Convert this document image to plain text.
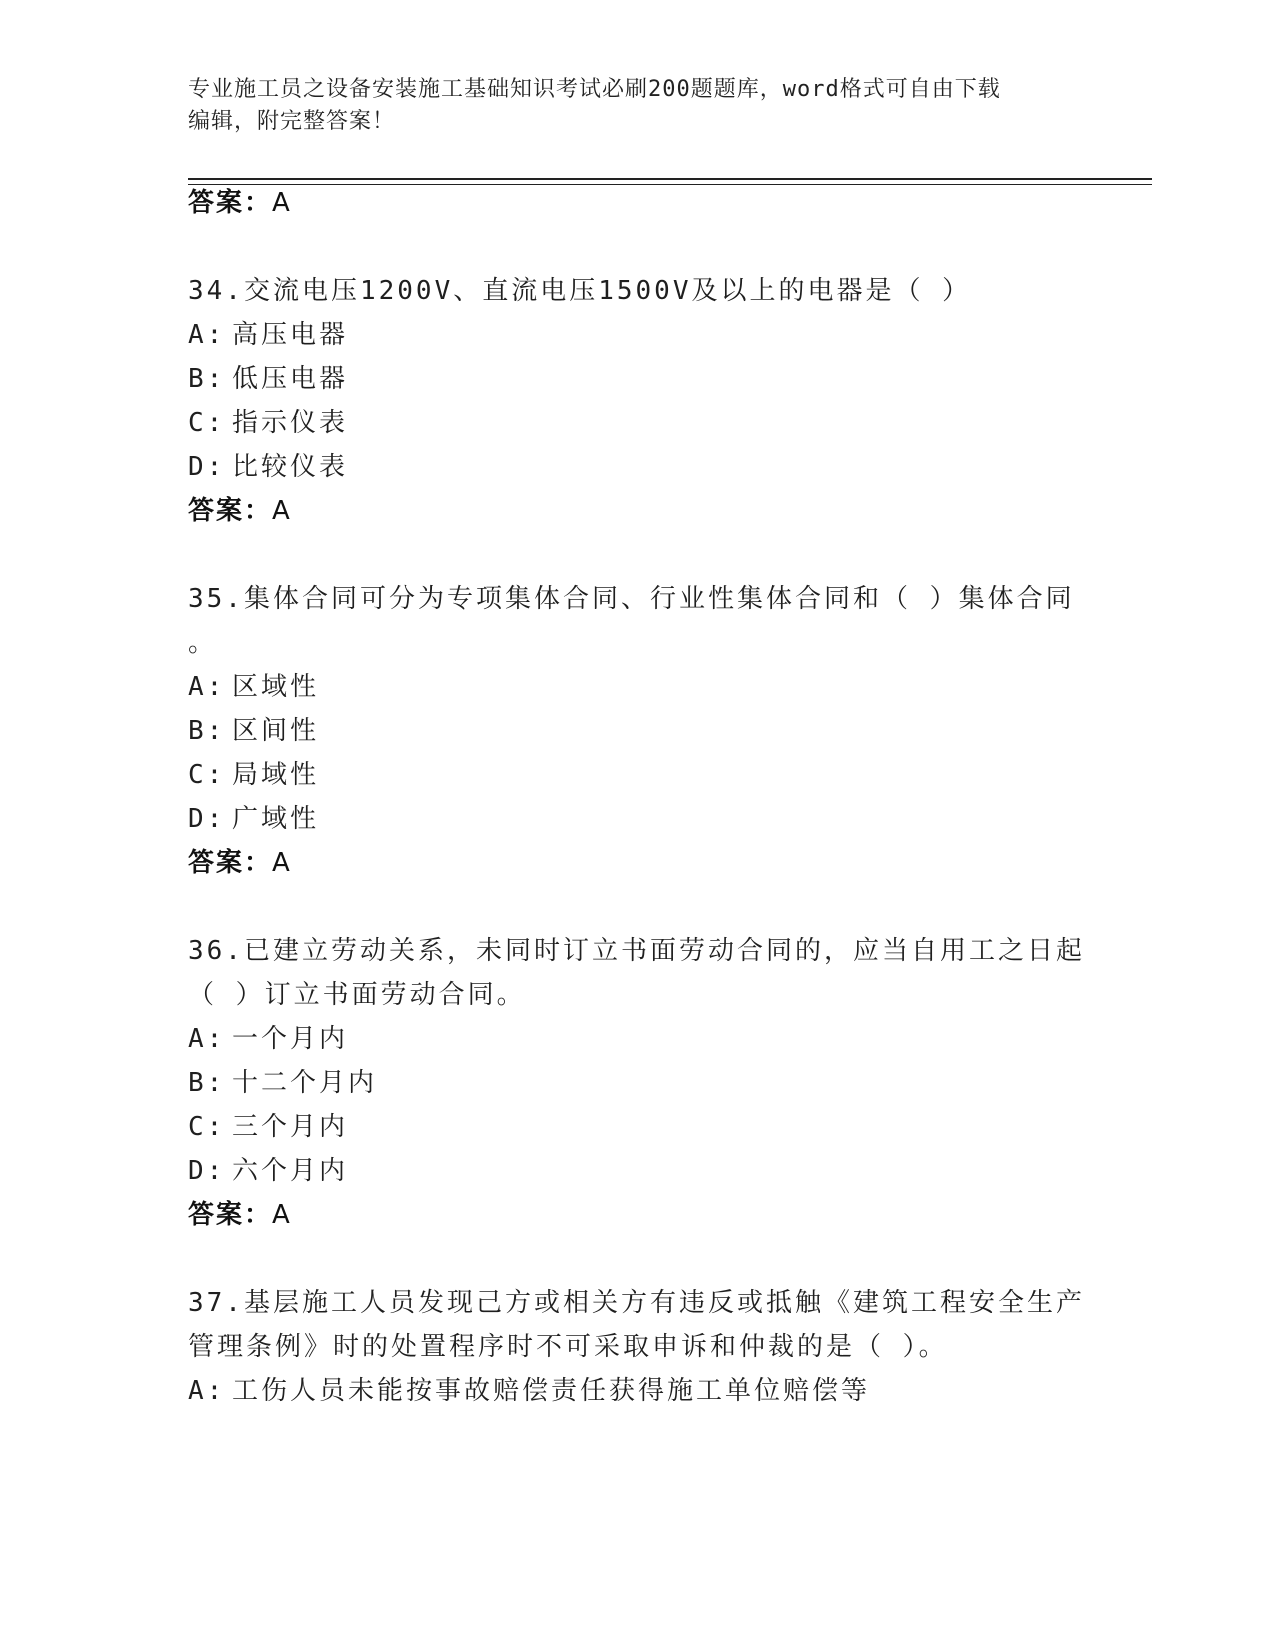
专业施工员之设备安装施工基础知识考试必刷200题题库，word格式可自由下载
编辑，附完整答案！
答案：A
34.交流电压1200V、直流电压1500V及以上的电器是（ ）
A: 高压电器
B: 低压电器
C: 指示仪表
D: 比较仪表
答案：A
35.集体合同可分为专项集体合同、行业性集体合同和（ ）集体合同
。
A: 区域性
B: 区间性
C: 局域性
D: 广域性
答案：A
36.已建立劳动关系，未同时订立书面劳动合同的，应当自用工之日起
（ ）订立书面劳动合同。
A: 一个月内
B: 十二个月内
C: 三个月内
D: 六个月内
答案：A
37.基层施工人员发现己方或相关方有违反或抵触《建筑工程安全生产
管理条例》时的处置程序时不可采取申诉和仲裁的是（ ）。
A: 工伤人员未能按事故赔偿责任获得施工单位赔偿等
